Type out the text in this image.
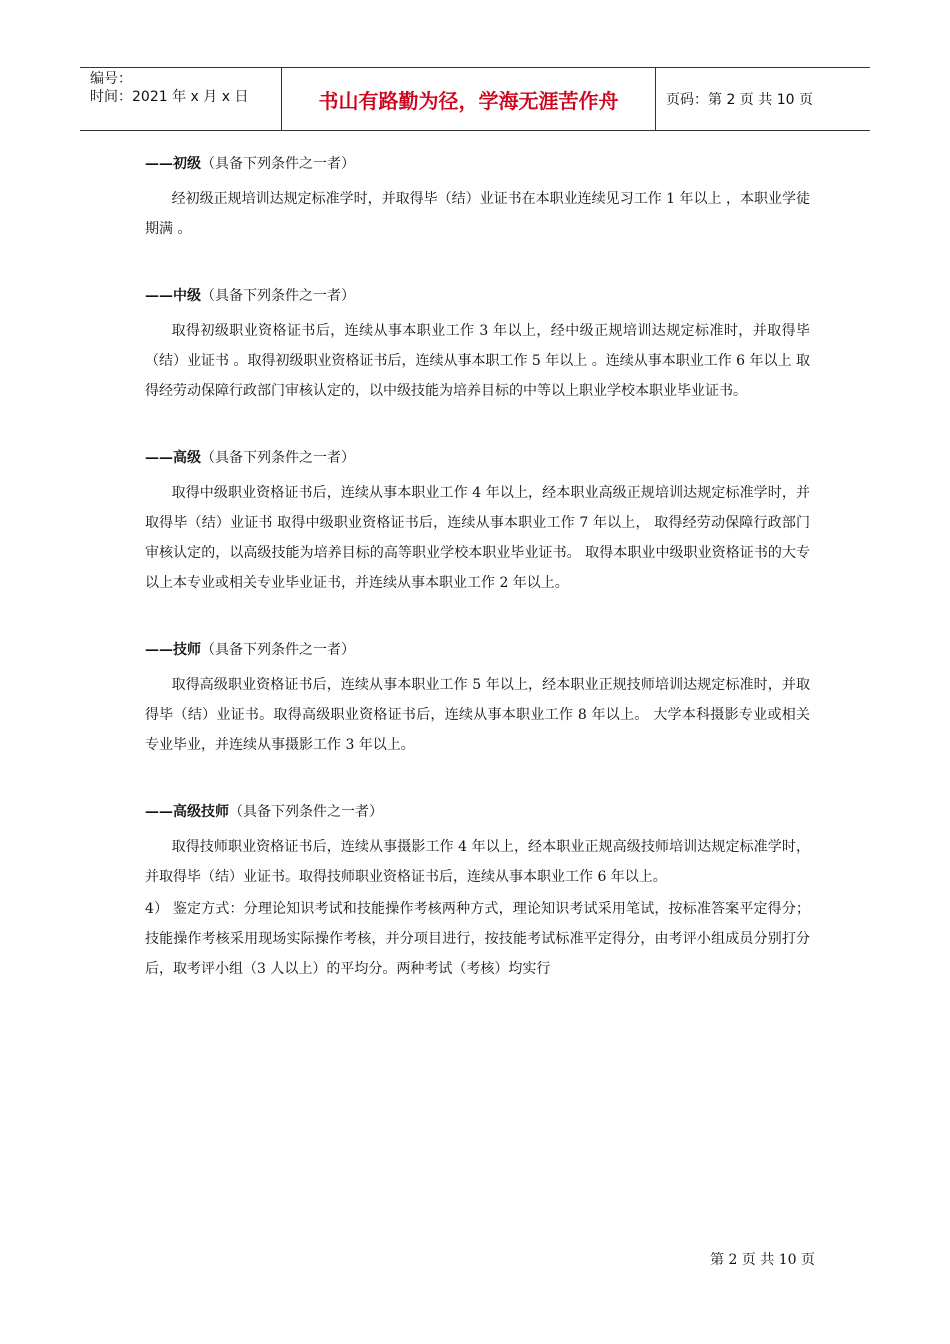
编号：
时间：2021 年 x 月 x 日	书山有路勤为径，学海无涯苦作舟	页码：第 2 页 共 10 页

——初级（具备下列条件之一者）

经初级正规培训达规定标准学时，并取得毕（结）业证书在本职业连续见习工作 1 年以上 ，本职业学徒期满 。

——中级（具备下列条件之一者）

取得初级职业资格证书后，连续从事本职业工作 3 年以上，经中级正规培训达规定标准时，并取得毕（结）业证书 。取得初级职业资格证书后，连续从事本职工作 5 年以上 。连续从事本职业工作 6 年以上 取得经劳动保障行政部门审核认定的，以中级技能为培养目标的中等以上职业学校本职业毕业证书。

——高级（具备下列条件之一者）

取得中级职业资格证书后，连续从事本职业工作 4 年以上，经本职业高级正规培训达规定标准学时，并取得毕（结）业证书 取得中级职业资格证书后，连续从事本职业工作 7 年以上， 取得经劳动保障行政部门审核认定的，以高级技能为培养目标的高等职业学校本职业毕业证书。 取得本职业中级职业资格证书的大专以上本专业或相关专业毕业证书，并连续从事本职业工作 2 年以上。

——技师（具备下列条件之一者）

取得高级职业资格证书后，连续从事本职业工作 5 年以上，经本职业正规技师培训达规定标准时，并取得毕（结）业证书。取得高级职业资格证书后，连续从事本职业工作 8 年以上。 大学本科摄影专业或相关专业毕业，并连续从事摄影工作 3 年以上。

——高级技师（具备下列条件之一者）

取得技师职业资格证书后，连续从事摄影工作 4 年以上，经本职业正规高级技师培训达规定标准学时，并取得毕（结）业证书。取得技师职业资格证书后，连续从事本职业工作 6 年以上。

4） 鉴定方式：分理论知识考试和技能操作考核两种方式，理论知识考试采用笔试，按标准答案平定得分；技能操作考核采用现场实际操作考核，并分项目进行，按技能考试标准平定得分，由考评小组成员分别打分后，取考评小组（3 人以上）的平均分。两种考试（考核）均实行

第 2 页 共 10 页
